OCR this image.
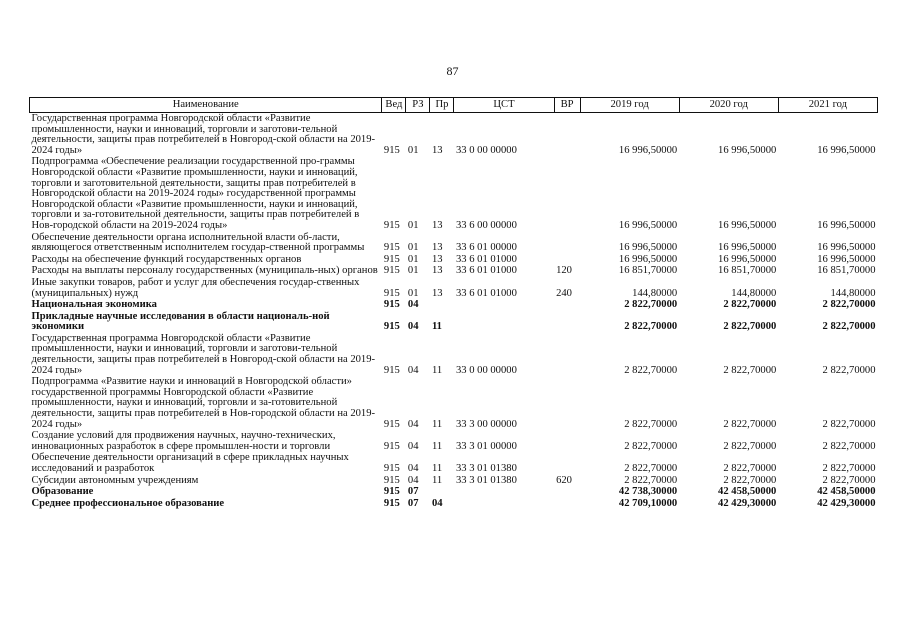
87
Наименование	Вед	РЗ	Пр	ЦСТ	ВР	2019 год	2020 год	2021 год
Государственная программа Новгородской области «Развитие промышленности, науки и инноваций, торговли и заготови-тельной деятельности, защиты прав потребителей в Новгород-ской области на 2019-2024 годы»	915	01	13	33 0 00 00000		16 996,50000	16 996,50000	16 996,50000
Подпрограмма «Обеспечение реализации государственной про-граммы Новгородской области «Развитие промышленности, науки и инноваций, торговли и заготовительной деятельности, защиты прав потребителей в Новгородской области на 2019-2024 годы» государственной программы Новгородской области «Развитие промышленности, науки и инноваций, торговли и за-готовительной деятельности, защиты прав потребителей в Нов-городской области на 2019-2024 годы»	915	01	13	33 6 00 00000		16 996,50000	16 996,50000	16 996,50000
Обеспечение деятельности органа исполнительной власти об-ласти, являющегося ответственным исполнителем государ-ственной программы	915	01	13	33 6 01 00000		16 996,50000	16 996,50000	16 996,50000
Расходы на обеспечение функций государственных органов	915	01	13	33 6 01 01000		16 996,50000	16 996,50000	16 996,50000
Расходы на выплаты персоналу государственных (муниципаль-ных) органов	915	01	13	33 6 01 01000	120	16 851,70000	16 851,70000	16 851,70000
Иные закупки товаров, работ и услуг для обеспечения государ-ственных (муниципальных) нужд	915	01	13	33 6 01 01000	240	144,80000	144,80000	144,80000
Национальная экономика	915	04				2 822,70000	2 822,70000	2 822,70000
Прикладные научные исследования в области националь-ной экономики	915	04	11			2 822,70000	2 822,70000	2 822,70000
Государственная программа Новгородской области «Развитие промышленности, науки и инноваций, торговли и заготови-тельной деятельности, защиты прав потребителей в Новгород-ской области на 2019-2024 годы»	915	04	11	33 0 00 00000		2 822,70000	2 822,70000	2 822,70000
Подпрограмма «Развитие науки и инноваций в Новгородской области» государственной программы Новгородской области «Развитие промышленности, науки и инноваций, торговли и за-готовительной деятельности, защиты прав потребителей в Нов-городской области на 2019-2024 годы»	915	04	11	33 3 00 00000		2 822,70000	2 822,70000	2 822,70000
Создание условий для продвижения научных, научно-технических, инновационных разработок в сфере промышлен-ности и торговли	915	04	11	33 3 01 00000		2 822,70000	2 822,70000	2 822,70000
Обеспечение деятельности организаций в сфере прикладных научных исследований и разработок	915	04	11	33 3 01 01380		2 822,70000	2 822,70000	2 822,70000
Субсидии автономным учреждениям	915	04	11	33 3 01 01380	620	2 822,70000	2 822,70000	2 822,70000
Образование	915	07				42 738,30000	42 458,50000	42 458,50000
Среднее профессиональное образование	915	07	04			42 709,10000	42 429,30000	42 429,30000
